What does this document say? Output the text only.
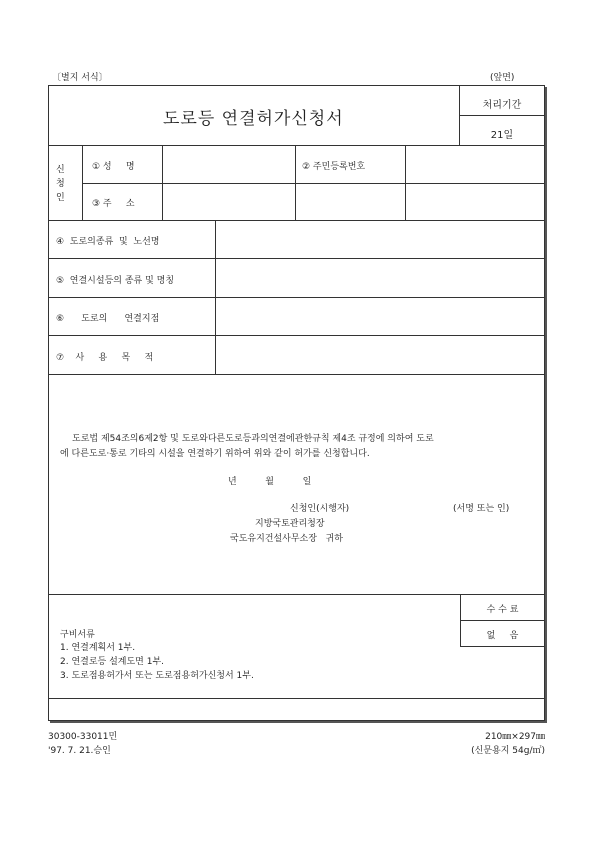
〔별지 서식〕	(앞면)
도로등 연결허가신청서
처리기간
21일
신
청
인
① 성     명	② 주민등록번호
③ 주     소
④  도로의종류  및  노선명
⑤  연결시설등의 종류 및 명칭
⑥      도로의      연결지점
⑦    사     용     목     적
도로법 제54조의6제2항 및 도로와다른도로등과의연결에관한규칙 제4조 규정에 의하여 도로
에 다른도로·통로 기타의 시설을 연결하기 위하여 위와 같이 허가를 신청합니다.
년          월          일
신청인(시행자)	(서명 또는 인)
지방국토관리청장
국도유지건설사무소장   귀하
수 수 료
없     음
구비서류
1. 연결계획서 1부.
2. 연결로등 설계도면 1부.
3. 도로점용허가서 또는 도로점용허가신청서 1부.
30300-33011민
'97. 7. 21.승인
210㎜×297㎜
(신문용지 54g/㎡)
